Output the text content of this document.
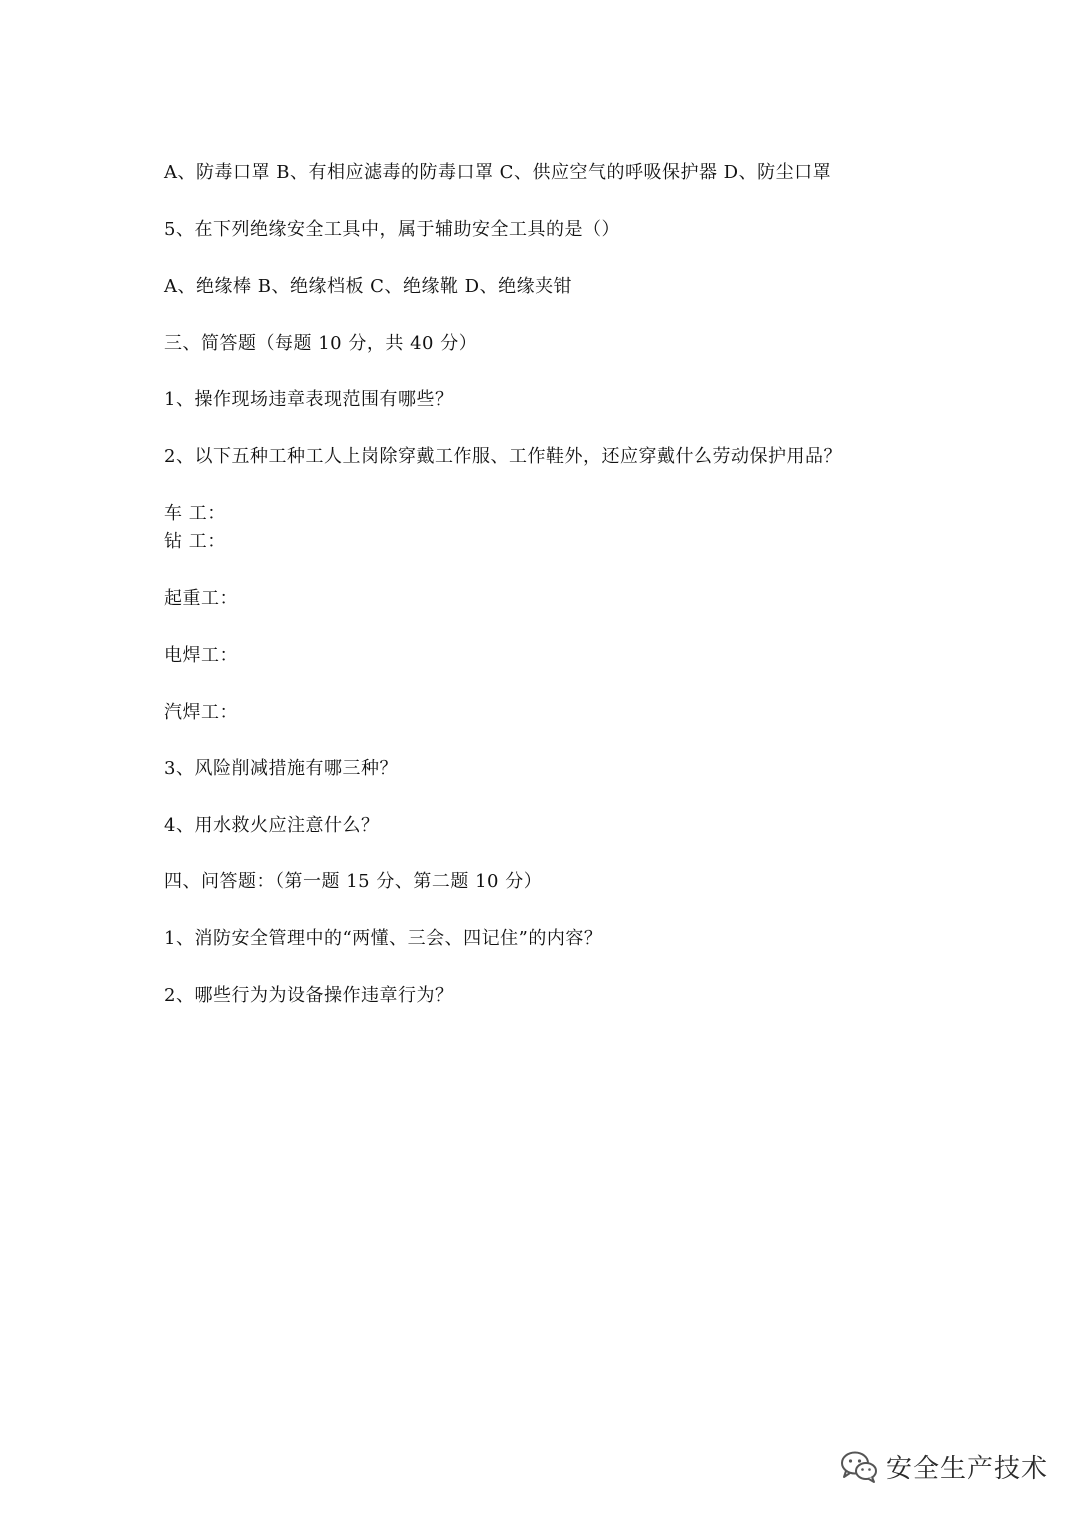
A、防毒口罩 B、有相应滤毒的防毒口罩 C、供应空气的呼吸保护器 D、防尘口罩
5、在下列绝缘安全工具中，属于辅助安全工具的是（）
A、绝缘棒 B、绝缘档板 C、绝缘靴 D、绝缘夹钳
三、简答题（每题 10 分，共 40 分）
1、操作现场违章表现范围有哪些？
2、以下五种工种工人上岗除穿戴工作服、工作鞋外，还应穿戴什么劳动保护用品？
车 工：
钻 工：
起重工：
电焊工：
汽焊工：
3、风险削减措施有哪三种？
4、用水救火应注意什么？
四、问答题：（第一题 15 分、第二题 10 分）
1、消防安全管理中的“两懂、三会、四记住”的内容？
2、哪些行为为设备操作违章行为？
安全生产技术
